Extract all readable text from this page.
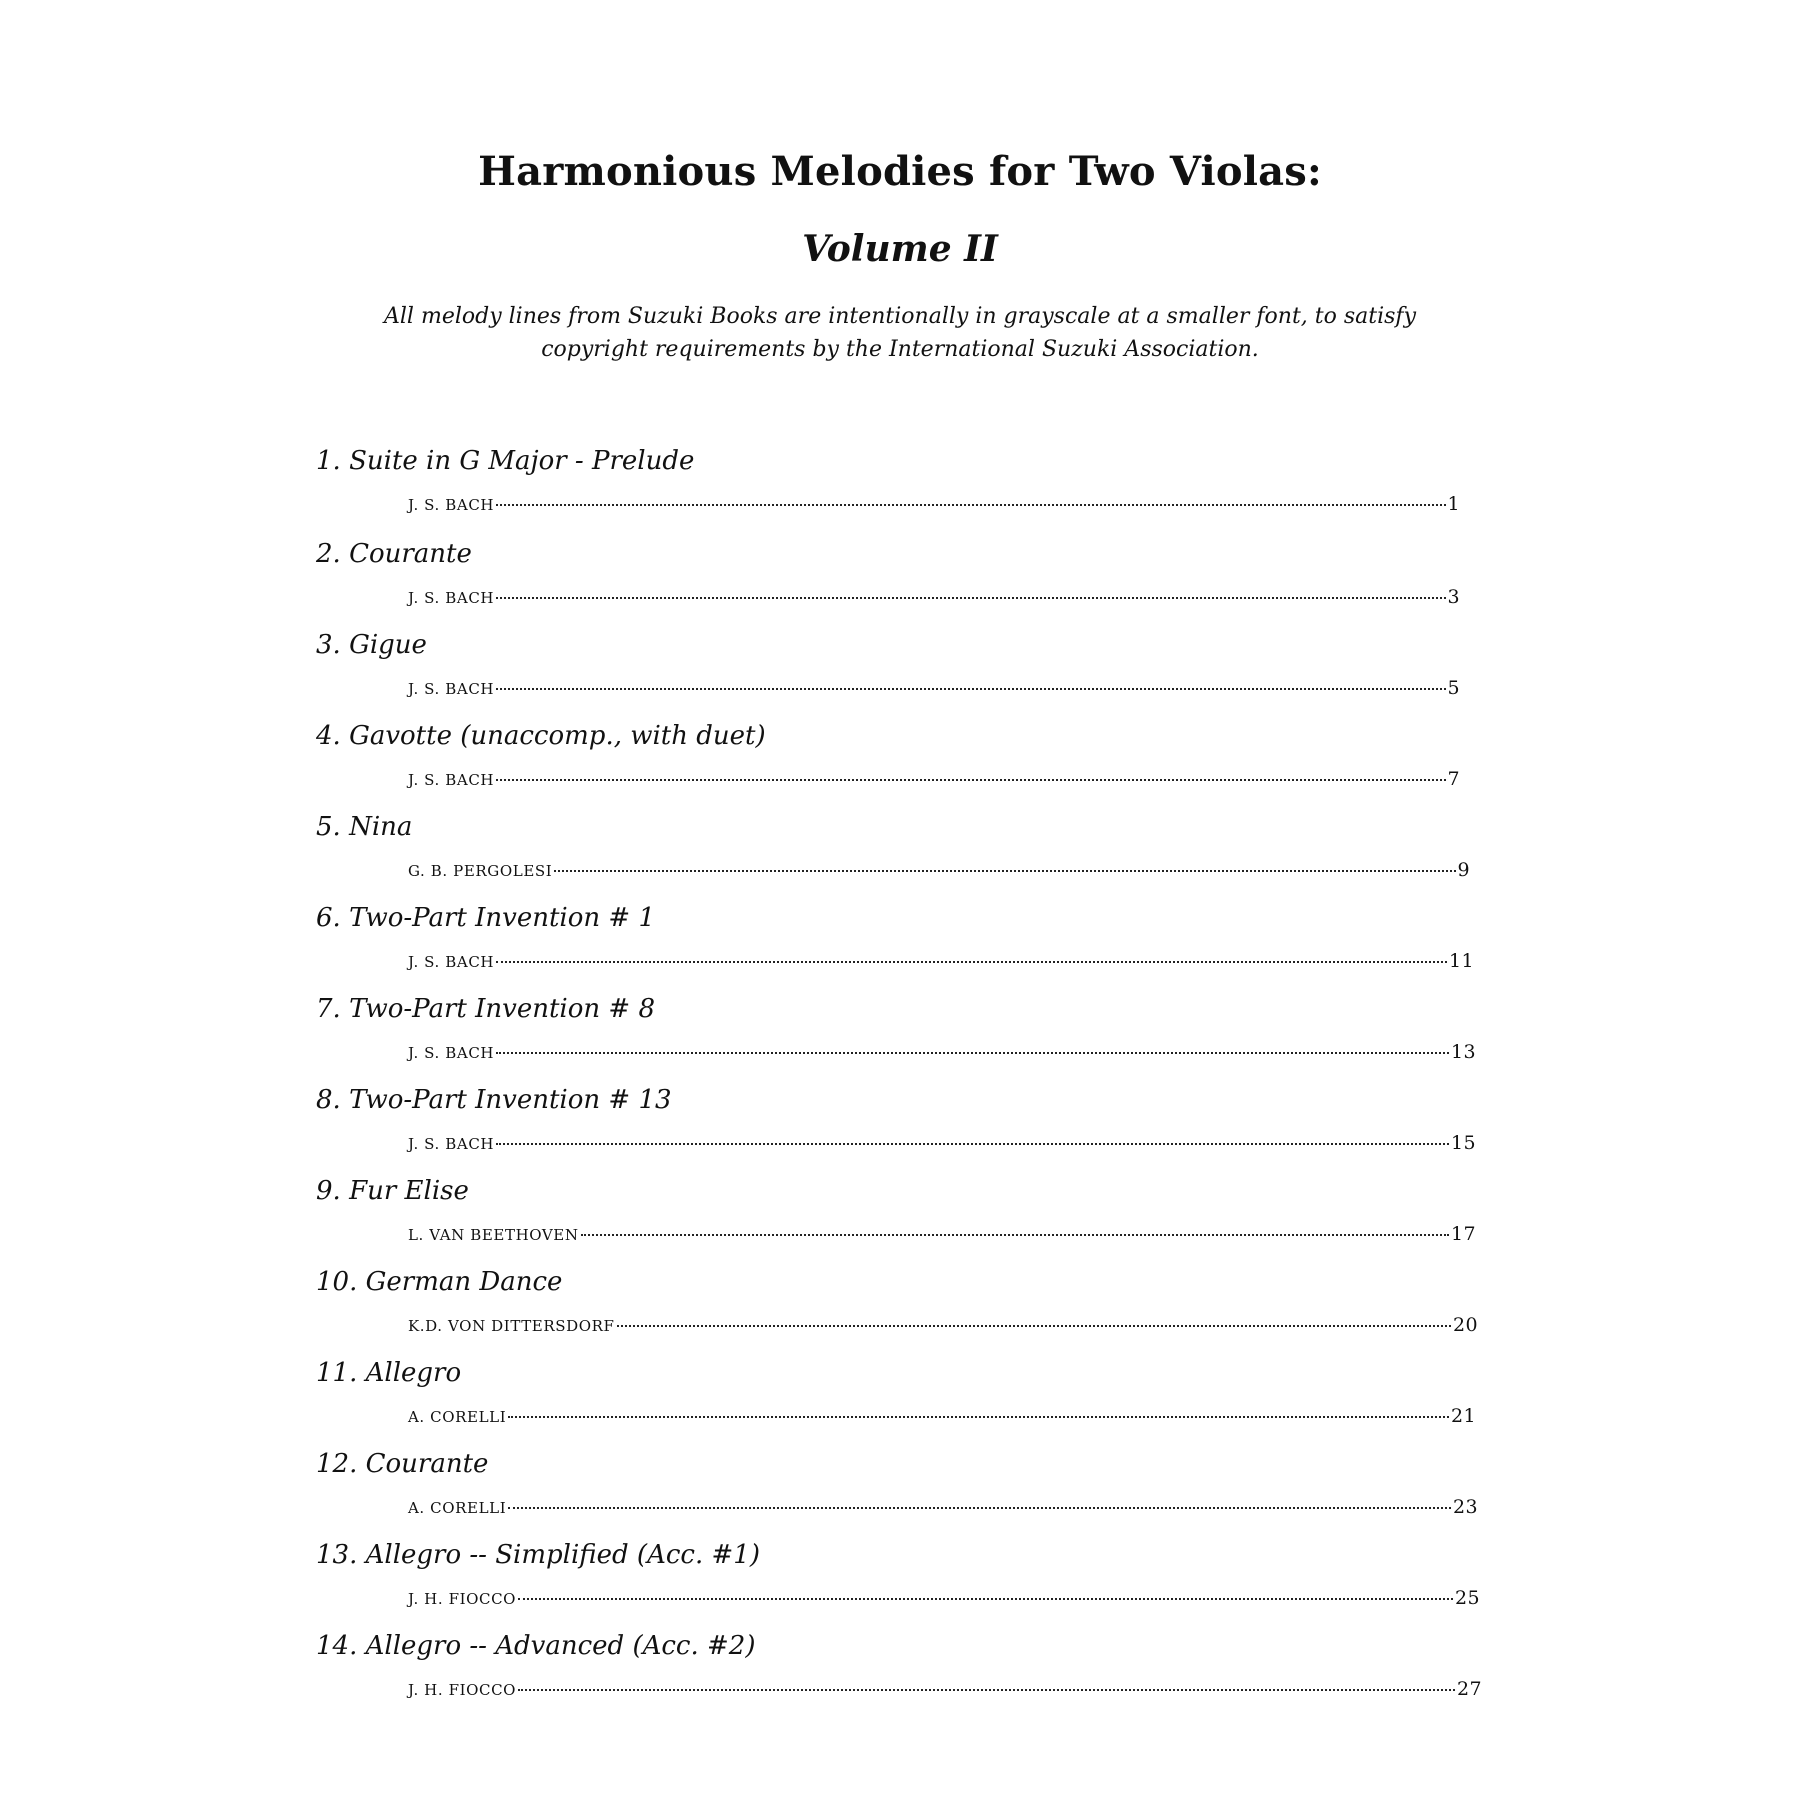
Harmonious Melodies for Two Violas:
Volume II
All melody lines from Suzuki Books are intentionally in grayscale at a smaller font, to satisfy copyright requirements by the International Suzuki Association.
1. Suite in G Major - Prelude
J. S. BACH	1
2. Courante
J. S. BACH	3
3. Gigue
J. S. BACH	5
4. Gavotte (unaccomp., with duet)
J. S. BACH	7
5. Nina
G. B. PERGOLESI	9
6. Two-Part Invention # 1
J. S. BACH	11
7. Two-Part Invention # 8
J. S. BACH	13
8. Two-Part Invention # 13
J. S. BACH	15
9. Fur Elise
L. VAN BEETHOVEN	17
10. German Dance
K.D. VON DITTERSDORF	20
11. Allegro
A. CORELLI	21
12. Courante
A. CORELLI	23
13. Allegro -- Simplified (Acc. #1)
J. H. FIOCCO	25
14. Allegro -- Advanced (Acc. #2)
J. H. FIOCCO	27
